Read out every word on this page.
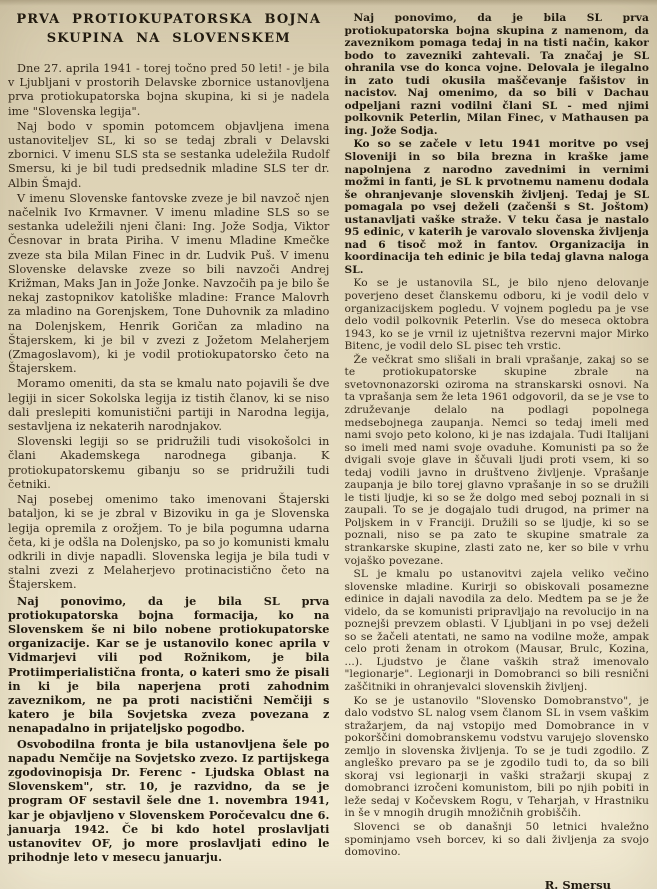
PRVA PROTIOKUPATORSKA BOJNA
SKUPINA NA SLOVENSKEM

Dne 27. aprila 1941 - torej točno pred 50 leti! - je bila v Ljubljani v prostorih Delavske zbornice ustanovljena prva protiokupatorska bojna skupina, ki si je nadela ime "Slovenska legija".

Naj bodo v spomin potomcem objavljena imena ustanoviteljev SL, ki so se tedaj zbrali v Delavski zbornici. V imenu SLS sta se sestanka udeležila Rudolf Smersu, ki je bil tudi predsednik mladine SLS ter dr. Albin Šmajd.

V imenu Slovenske fantovske zveze je bil navzoč njen načelnik Ivo Krmavner. V imenu mladine SLS so se sestanka udeležili njeni člani: Ing. Jože Sodja, Viktor Česnovar in brata Piriha. V imenu Mladine Kmečke zveze sta bila Milan Finec in dr. Ludvik Puš. V imenu Slovenske delavske zveze so bili navzoči Andrej Križman, Maks Jan in Jože Jonke. Navzočih pa je bilo še nekaj zastopnikov katoliške mladine: France Malovrh za mladino na Gorenjskem, Tone Duhovnik za mladino na Dolenjskem, Henrik Goričan za mladino na Štajerskem, ki je bil v zvezi z Jožetom Melaherjem (Zmagoslavom), ki je vodil protiokupatorsko četo na Štajerskem.

Moramo omeniti, da sta se kmalu nato pojavili še dve legiji in sicer Sokolska legija iz tistih članov, ki se niso dali preslepiti komunistični partiji in Narodna legija, sestavljena iz nekaterih narodnjakov.

Slovenski legiji so se pridružili tudi visokošolci in člani Akademskega narodnega gibanja. K protiokupatorskemu gibanju so se pridružili tudi četniki.

Naj posebej omenimo tako imenovani Štajerski bataljon, ki se je zbral v Bizoviku in ga je Slovenska legija opremila z orožjem. To je bila pogumna udarna četa, ki je odšla na Dolenjsko, pa so jo komunisti kmalu odkrili in divje napadli. Slovenska legija je bila tudi v stalni zvezi z Melaherjevo protinacistično četo na Štajerskem.

Naj ponovimo, da je bila SL prva protiokupatorska bojna formacija, ko na Slovenskem še ni bilo nobene protiokupatorske organizacije. Kar se je ustanovilo konec aprila v Vidmarjevi vili pod Rožnikom, je bila Protiimperialistična fronta, o kateri smo že pisali in ki je bila naperjena proti zahodnim zaveznikom, ne pa proti nacistični Nemčiji s katero je bila Sovjetska zveza povezana z nenapadalno in prijateljsko pogodbo.

Osvobodilna fronta je bila ustanovljena šele po napadu Nemčije na Sovjetsko zvezo. Iz partijskega zgodovinopisja Dr. Ferenc - Ljudska Oblast na Slovenskem", str. 10, je razvidno, da se je program OF sestavil šele dne 1. novembra 1941, kar je objavljeno v Slovenskem Poročevalcu dne 6. januarja 1942. Če bi kdo hotel proslavljati ustanovitev OF, jo more proslavljati edino le prihodnje leto v mesecu januarju.

Naj ponovimo, da je bila SL prva protiokupatorska bojna skupina z namenom, da zaveznikom pomaga tedaj in na tisti način, kakor bodo to zavezniki zahtevali. Ta značaj je SL ohranila vse do konca vojne. Delovala je ilegalno in zato tudi okusila maščevanje fašistov in nacistov. Naj omenimo, da so bili v Dachau odpeljani razni vodilni člani SL - med njimi polkovnik Peterlin, Milan Finec, v Mathausen pa ing. Jože Sodja.

Ko so se začele v letu 1941 moritve po vsej Sloveniji in so bila brezna in kraške jame napolnjena z narodno zavednimi in vernimi možmi in fanti, je SL k prvotnemu namenu dodala še ohranjevanje slovenskih življenj. Tedaj je SL pomagala po vsej deželi (začenši s St. Joštom) ustanavljati vaške straže. V teku časa je nastalo 95 edinic, v katerih je varovalo slovenska življenja nad 6 tisoč mož in fantov. Organizacija in koordinacija teh edinic je bila tedaj glavna naloga SL.

Ko se je ustanovila SL, je bilo njeno delovanje poverjeno deset članskemu odboru, ki je vodil delo v organizacijskem pogledu. V vojnem pogledu pa je vse delo vodil polkovnik Peterlin. Vse do meseca oktobra 1943, ko se je vrnil iz ujetništva rezervni major Mirko Bitenc, je vodil delo SL pisec teh vrstic.

Že večkrat smo slišali in brali vprašanje, zakaj so se te protiokupatorske skupine zbrale na svetovnonazorski oziroma na stranskarski osnovi. Na ta vprašanja sem že leta 1961 odgovoril, da se je vse to združevanje delalo na podlagi popolnega medsebojnega zaupanja. Nemci so tedaj imeli med nami svojo peto kolono, ki je nas izdajala. Tudi Italijani so imeli med nami svoje ovaduhe. Komunisti pa so že dvigali svoje glave in ščuvali ljudi proti vsem, ki so tedaj vodili javno in društveno življenje. Vprašanje zaupanja je bilo torej glavno vprašanje in so se družili le tisti ljudje, ki so se že dolgo med seboj poznali in si zaupali. To se je dogajalo tudi drugod, na primer na Poljskem in v Franciji. Družili so se ljudje, ki so se poznali, niso se pa zato te skupine smatrale za strankarske skupine, zlasti zato ne, ker so bile v vrhu vojaško povezane.

SL je kmalu po ustanovitvi zajela veliko večino slovenske mladine. Kurirji so obiskovali posamezne edinice in dajali navodila za delo. Medtem pa se je že videlo, da se komunisti pripravljajo na revolucijo in na poznejši prevzem oblasti. V Ljubljani in po vsej deželi so se žačeli atentati, ne samo na vodilne može, ampak celo proti ženam in otrokom (Mausar, Brulc, Kozina, ...). Ljudstvo je člane vaških straž imenovalo "legionarje". Legionarji in Domobranci so bili resnični zaščitniki in ohranjevalci slovenskih življenj.

Ko se je ustanovilo "Slovensko Domobranstvo", je dalo vodstvo SL nalog vsem članom SL in vsem vaškim stražarjem, da naj vstopijo med Domobrance in v pokorščini domobranskemu vodstvu varujejo slovensko zemljo in slovenska življenja. To se je tudi zgodilo. Z angleško prevaro pa se je zgodilo tudi to, da so bili skoraj vsi legionarji in vaški stražarji skupaj z domobranci izročeni komunistom, bili po njih pobiti in leže sedaj v Kočevskem Rogu, v Teharjah, v Hrastniku in še v mnogih drugih množičnih grobiščih.

Slovenci se ob današnji 50 letnici hvaležno spominjamo vseh borcev, ki so dali življenja za svojo domovino.

R. Smersu
